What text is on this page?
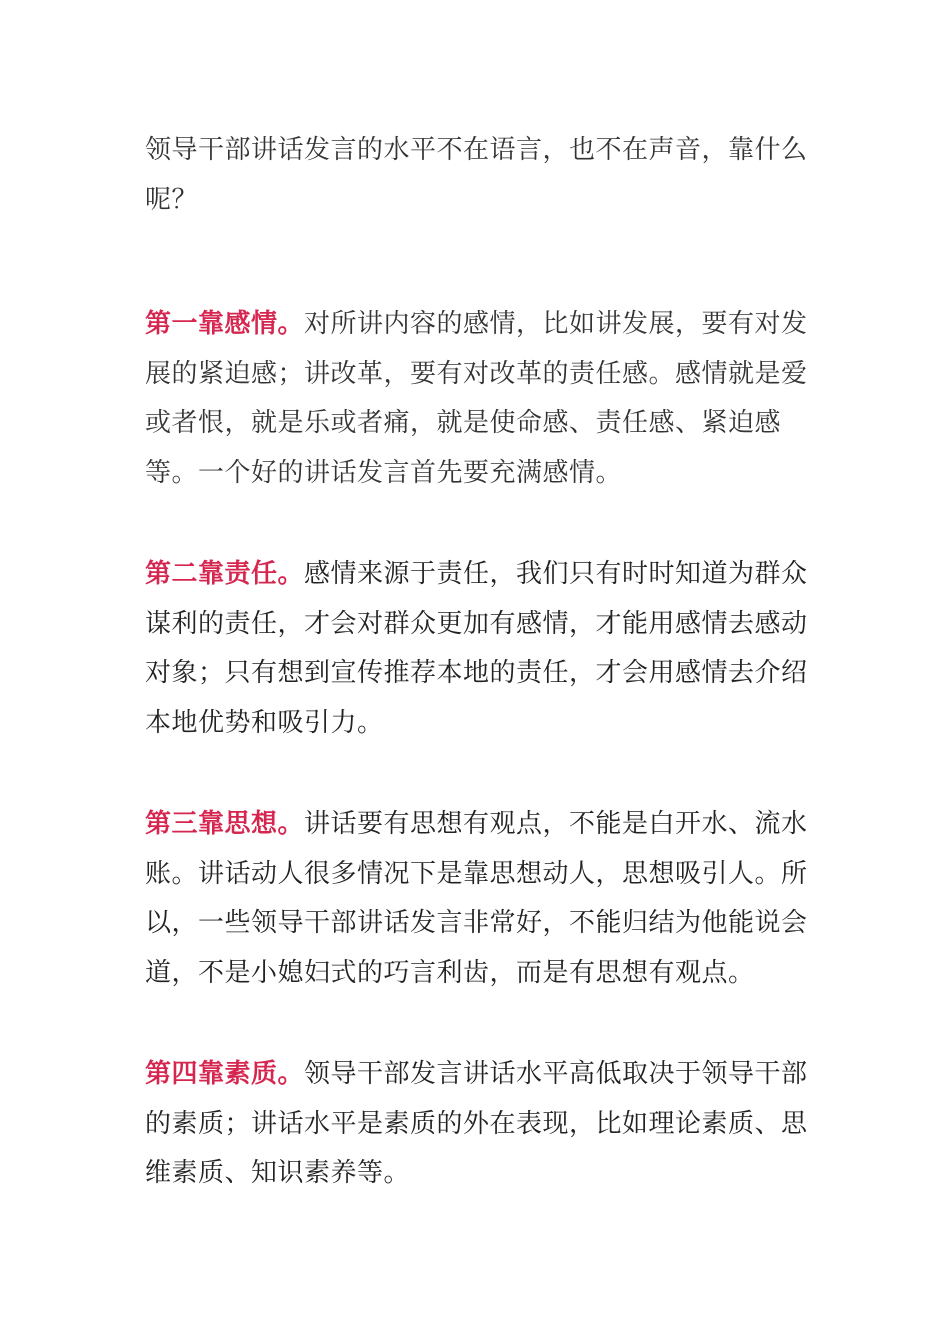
领导干部讲话发言的水平不在语言，也不在声音，靠什么呢？

第一靠感情。对所讲内容的感情，比如讲发展，要有对发展的紧迫感；讲改革，要有对改革的责任感。感情就是爱或者恨，就是乐或者痛，就是使命感、责任感、紧迫感等。一个好的讲话发言首先要充满感情。

第二靠责任。感情来源于责任，我们只有时时知道为群众谋利的责任，才会对群众更加有感情，才能用感情去感动对象；只有想到宣传推荐本地的责任，才会用感情去介绍本地优势和吸引力。

第三靠思想。讲话要有思想有观点，不能是白开水、流水账。讲话动人很多情况下是靠思想动人，思想吸引人。所以，一些领导干部讲话发言非常好，不能归结为他能说会道，不是小媳妇式的巧言利齿，而是有思想有观点。

第四靠素质。领导干部发言讲话水平高低取决于领导干部的素质；讲话水平是素质的外在表现，比如理论素质、思维素质、知识素养等。
